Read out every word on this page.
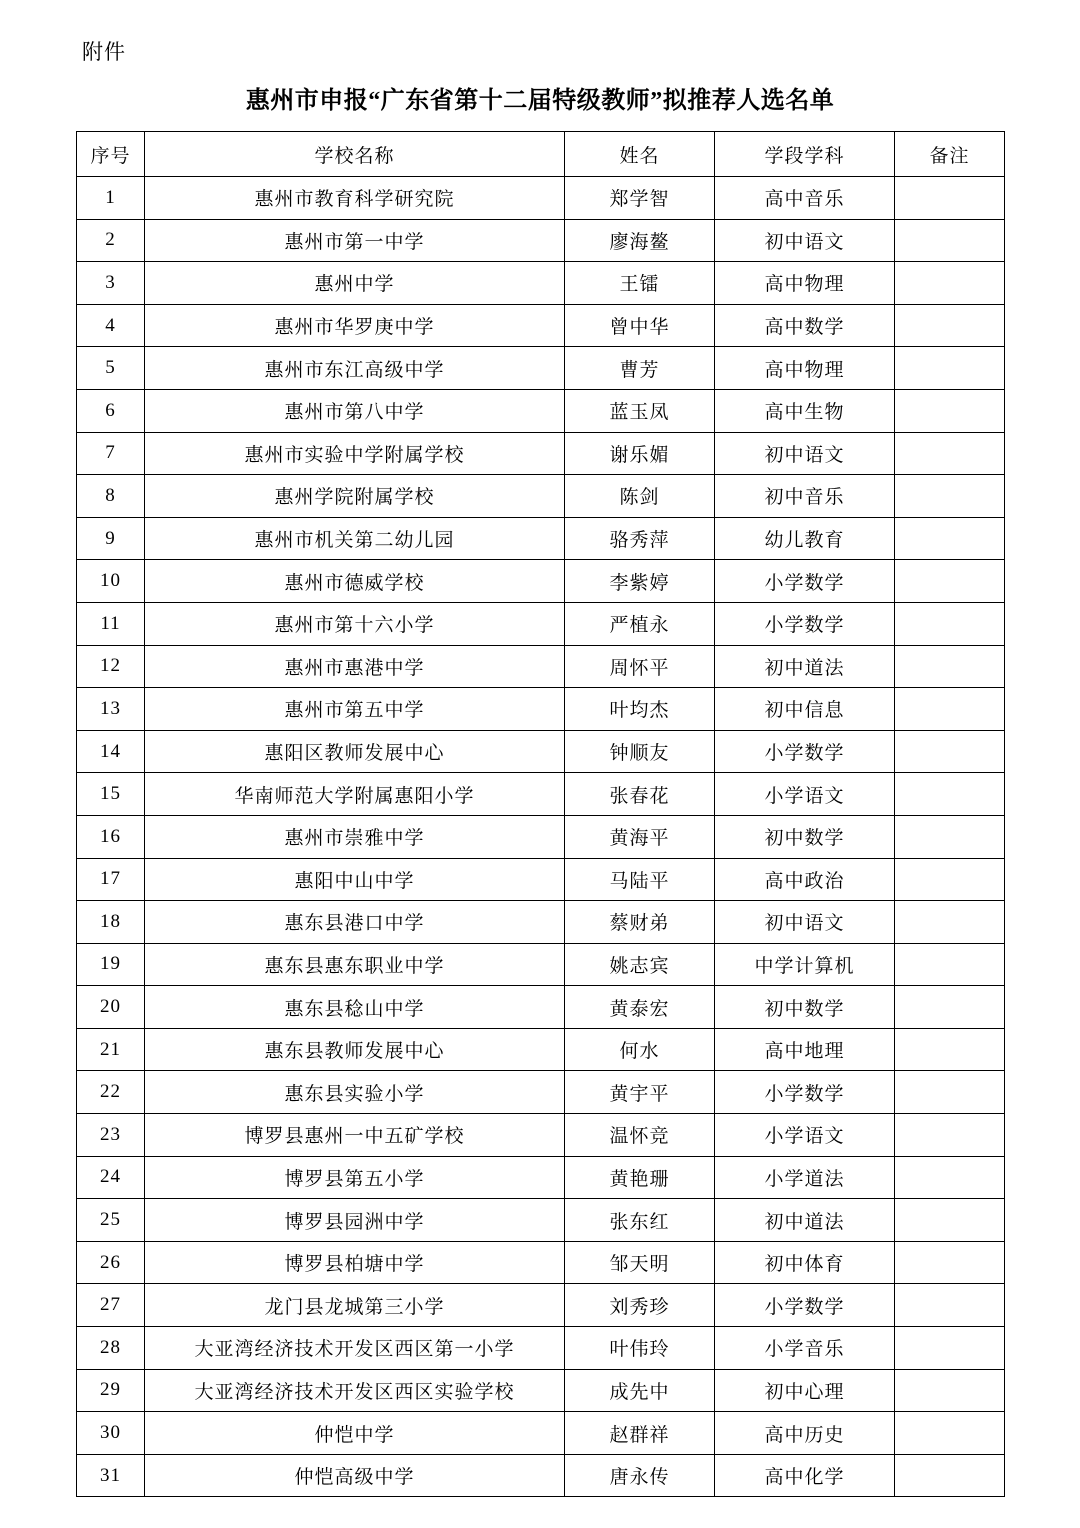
附件
惠州市申报“广东省第十二届特级教师”拟推荐人选名单
序号	学校名称	姓名	学段学科	备注
1	惠州市教育科学研究院	郑学智	高中音乐	
2	惠州市第一中学	廖海鳌	初中语文	
3	惠州中学	王镭	高中物理	
4	惠州市华罗庚中学	曾中华	高中数学	
5	惠州市东江高级中学	曹芳	高中物理	
6	惠州市第八中学	蓝玉凤	高中生物	
7	惠州市实验中学附属学校	谢乐媚	初中语文	
8	惠州学院附属学校	陈剑	初中音乐	
9	惠州市机关第二幼儿园	骆秀萍	幼儿教育	
10	惠州市德威学校	李紫婷	小学数学	
11	惠州市第十六小学	严植永	小学数学	
12	惠州市惠港中学	周怀平	初中道法	
13	惠州市第五中学	叶均杰	初中信息	
14	惠阳区教师发展中心	钟顺友	小学数学	
15	华南师范大学附属惠阳小学	张春花	小学语文	
16	惠州市崇雅中学	黄海平	初中数学	
17	惠阳中山中学	马陆平	高中政治	
18	惠东县港口中学	蔡财弟	初中语文	
19	惠东县惠东职业中学	姚志宾	中学计算机	
20	惠东县稔山中学	黄泰宏	初中数学	
21	惠东县教师发展中心	何水	高中地理	
22	惠东县实验小学	黄宇平	小学数学	
23	博罗县惠州一中五矿学校	温怀竞	小学语文	
24	博罗县第五小学	黄艳珊	小学道法	
25	博罗县园洲中学	张东红	初中道法	
26	博罗县柏塘中学	邹天明	初中体育	
27	龙门县龙城第三小学	刘秀珍	小学数学	
28	大亚湾经济技术开发区西区第一小学	叶伟玲	小学音乐	
29	大亚湾经济技术开发区西区实验学校	成先中	初中心理	
30	仲恺中学	赵群祥	高中历史	
31	仲恺高级中学	唐永传	高中化学	
